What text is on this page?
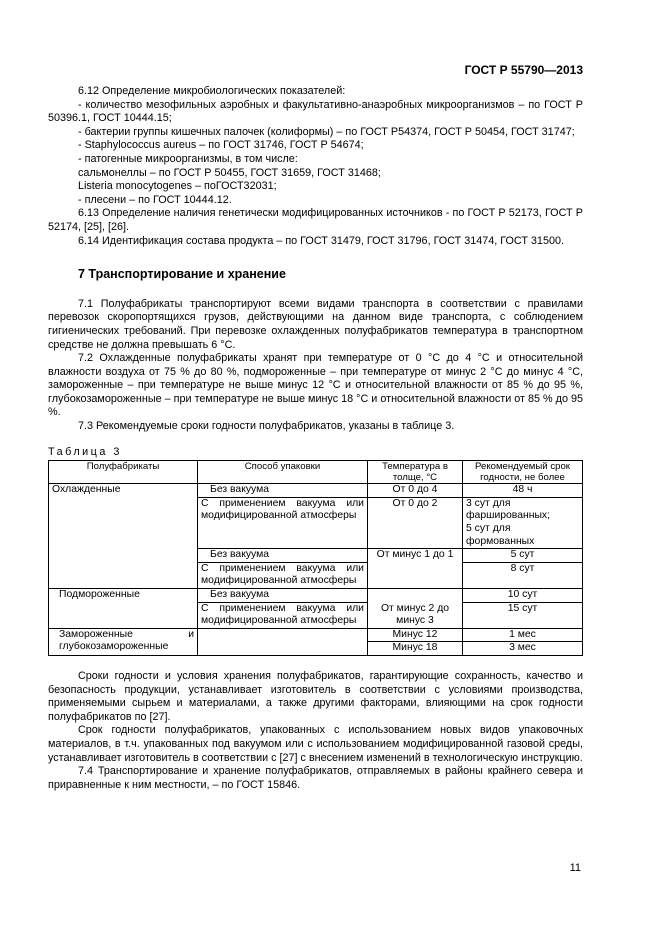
ГОСТ Р 55790—2013

6.12 Определение микробиологических показателей:

- количество мезофильных аэробных и факультативно-анаэробных микроорганизмов – по ГОСТ Р 50396.1, ГОСТ 10444.15;

- бактерии группы кишечных палочек (колиформы) – по ГОСТ Р54374, ГОСТ Р 50454, ГОСТ 31747;

- Staphylococcus aureus – по ГОСТ 31746, ГОСТ Р 54674;

- патогенные микроорганизмы, в том числе:

сальмонеллы – по ГОСТ Р 50455, ГОСТ 31659, ГОСТ 31468;

Listeria monocytogenes – поГОСТ32031;

- плесени – по ГОСТ 10444.12.

6.13 Определение наличия генетически модифицированных источников - по ГОСТ Р 52173, ГОСТ Р 52174, [25], [26].

6.14 Идентификация состава продукта – по ГОСТ 31479, ГОСТ 31796, ГОСТ 31474, ГОСТ 31500.

7 Транспортирование и хранение

7.1 Полуфабрикаты транспортируют всеми видами транспорта в соответствии с правилами перевозок скоропортящихся грузов, действующими на данном виде транспорта, с соблюдением гигиенических требований. При перевозке охлажденных полуфабрикатов температура в транспортном средстве не должна превышать 6 °С.

7.2 Охлажденные полуфабрикаты хранят при температуре от 0 °С до 4 °С и относительной влажности воздуха от 75 % до 80 %, подмороженные – при температуре от минус 2 °С до минус 4 °С, замороженные – при температуре не выше минус 12 °С и относительной влажности от 85 % до 95 %, глубокозамороженные – при температуре не выше минус 18 °С и относительной влажности от 85 % до 95 %.

7.3 Рекомендуемые сроки годности полуфабрикатов, указаны в таблице 3.

Таблица 3

Полуфабрикаты	Способ упаковки	Температура в толще, °С	Рекомендуемый срок годности, не более
Охлажденные	Без вакуума	От 0 до 4	48 ч
	С применением вакуума или модифицированной атмосферы	От 0 до 2	3 сут для фаршированных;
5 сут для формованных

	Без вакуума	От минус 1 до 1	5 сут
	С применением вакуума или модифицированной атмосферы		8 сут
Подмороженные	Без вакуума	От минус 2 до минус 3	10 сут
	С применением вакуума или модифицированной атмосферы		15 сут
Замороженные и глубокозамороженные		Минус 12	1 мес
		Минус 18	3 мес

Сроки годности и условия хранения полуфабрикатов, гарантирующие сохранность, качество и безопасность продукции, устанавливает изготовитель в соответствии с условиями производства, применяемыми сырьем и материалами, а также другими факторами, влияющими на срок годности полуфабрикатов по [27].

Срок годности полуфабрикатов, упакованных с использованием новых видов упаковочных материалов, в т.ч. упакованных под вакуумом или с использованием модифицированной газовой среды, устанавливает изготовитель в соответствии с [27] с внесением изменений в технологическую инструкцию.

7.4 Транспортирование и хранение полуфабрикатов, отправляемых в районы крайнего севера и приравненные к ним местности, – по ГОСТ 15846.

11
